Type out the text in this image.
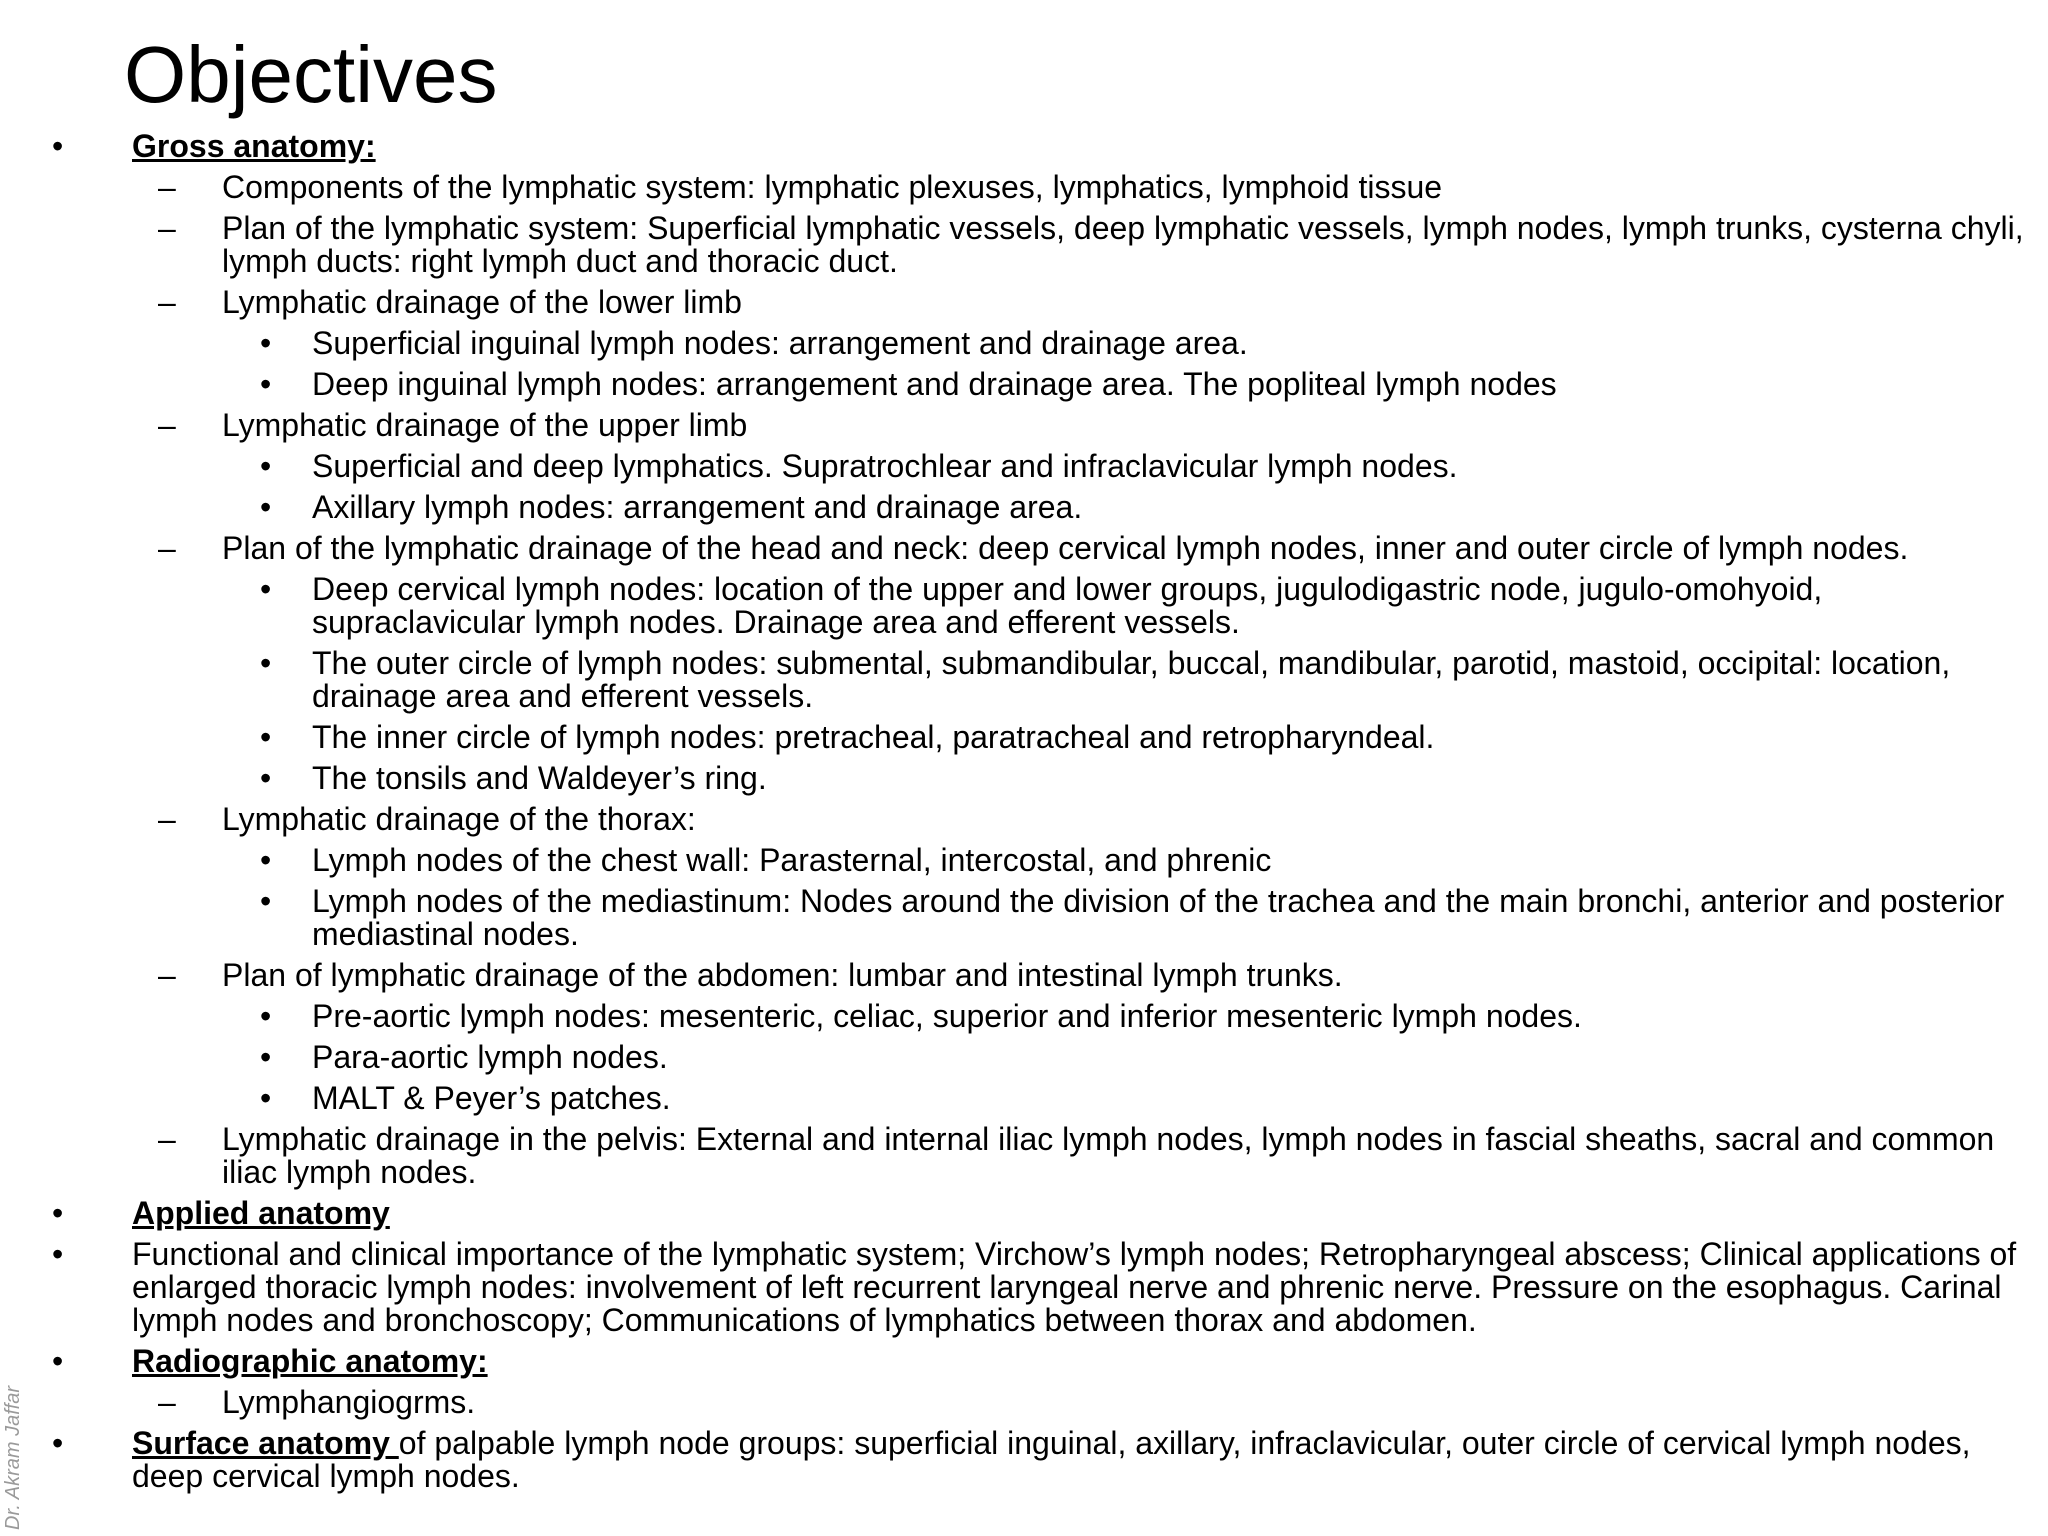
Objectives
• Gross anatomy:
– Components of the lymphatic system: lymphatic plexuses, lymphatics, lymphoid tissue
– Plan of the lymphatic system: Superficial lymphatic vessels, deep lymphatic vessels, lymph nodes, lymph trunks, cysterna chyli, lymph ducts: right lymph duct and thoracic duct.
– Lymphatic drainage of the lower limb
• Superficial inguinal lymph nodes: arrangement and drainage area.
• Deep inguinal lymph nodes: arrangement and drainage area. The popliteal lymph nodes
– Lymphatic drainage of the upper limb
• Superficial and deep lymphatics. Supratrochlear and infraclavicular lymph nodes.
• Axillary lymph nodes: arrangement and drainage area.
– Plan of the lymphatic drainage of the head and neck: deep cervical lymph nodes, inner and outer circle of lymph nodes.
• Deep cervical lymph nodes: location of the upper and lower groups, jugulodigastric node, jugulo-omohyoid, supraclavicular lymph nodes. Drainage area and efferent vessels.
• The outer circle of lymph nodes: submental, submandibular, buccal, mandibular, parotid, mastoid, occipital: location, drainage area and efferent vessels.
• The inner circle of lymph nodes: pretracheal, paratracheal and retropharyndeal.
• The tonsils and Waldeyer’s ring.
– Lymphatic drainage of the thorax:
• Lymph nodes of the chest wall: Parasternal, intercostal, and phrenic
• Lymph nodes of the mediastinum: Nodes around the division of the trachea and the main bronchi, anterior and posterior mediastinal nodes.
– Plan of lymphatic drainage of the abdomen: lumbar and intestinal lymph trunks.
• Pre-aortic lymph nodes: mesenteric, celiac, superior and inferior mesenteric lymph nodes.
• Para-aortic lymph nodes.
• MALT & Peyer’s patches.
– Lymphatic drainage in the pelvis: External and internal iliac lymph nodes, lymph nodes in fascial sheaths, sacral and common iliac lymph nodes.
• Applied anatomy
• Functional and clinical importance of the lymphatic system; Virchow’s lymph nodes; Retropharyngeal abscess; Clinical applications of enlarged thoracic lymph nodes: involvement of left recurrent laryngeal nerve and phrenic nerve. Pressure on the esophagus. Carinal lymph nodes and bronchoscopy; Communications of lymphatics between thorax and abdomen.
• Radiographic anatomy:
– Lymphangiogrms.
• Surface anatomy of palpable lymph node groups: superficial inguinal, axillary, infraclavicular, outer circle of cervical lymph nodes, deep cervical lymph nodes.
Dr. Akram Jaffar
